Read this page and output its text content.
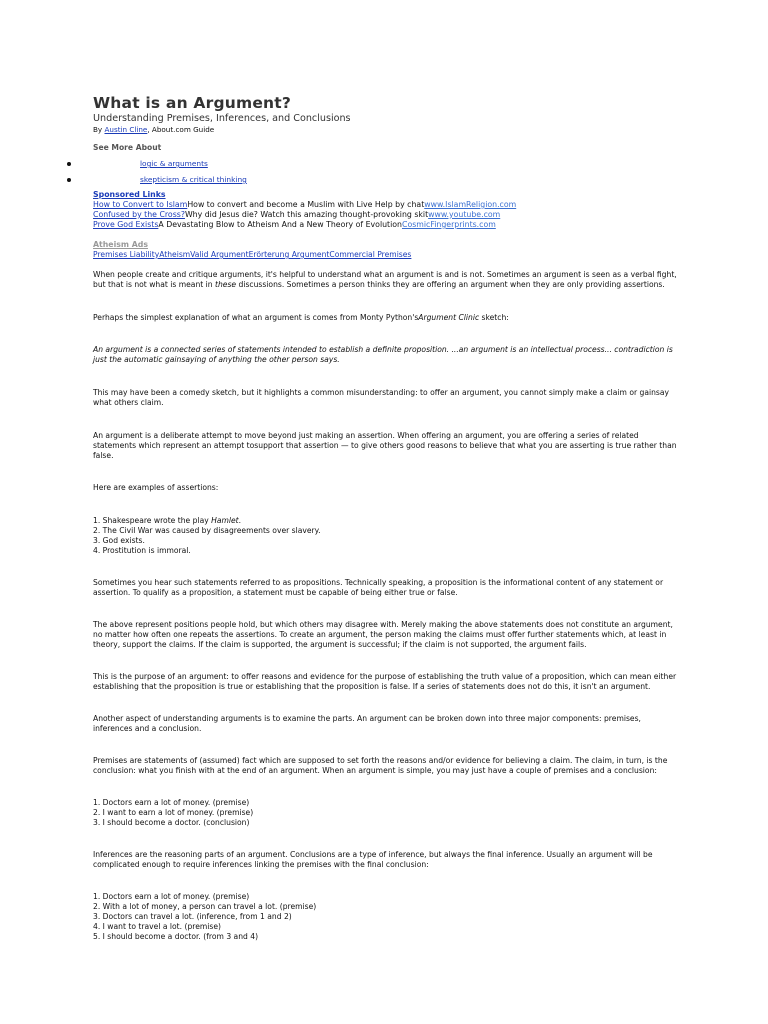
What is an Argument?
Understanding Premises, Inferences, and Conclusions
By Austin Cline, About.com Guide
See More About
logic & arguments
skepticism & critical thinking
Sponsored Links
How to Convert to IslamHow to convert and become a Muslim with Live Help by chatwww.IslamReligion.com
Confused by the Cross?Why did Jesus die? Watch this amazing thought-provoking skitwww.youtube.com
Prove God ExistsA Devastating Blow to Atheism And a New Theory of EvolutionCosmicFingerprints.com
Atheism Ads
Premises LiabilityAtheismValid ArgumentErörterung ArgumentCommercial Premises

When people create and critique arguments, it's helpful to understand what an argument is and is not. Sometimes an argument is seen as a verbal fight, but that is not what is meant in these discussions. Sometimes a person thinks they are offering an argument when they are only providing assertions.

Perhaps the simplest explanation of what an argument is comes from Monty Python'sArgument Clinic sketch:

An argument is a connected series of statements intended to establish a definite proposition. ...an argument is an intellectual process... contradiction is just the automatic gainsaying of anything the other person says.

This may have been a comedy sketch, but it highlights a common misunderstanding: to offer an argument, you cannot simply make a claim or gainsay what others claim.

An argument is a deliberate attempt to move beyond just making an assertion. When offering an argument, you are offering a series of related statements which represent an attempt tosupport that assertion — to give others good reasons to believe that what you are asserting is true rather than false.

Here are examples of assertions:

1. Shakespeare wrote the play Hamlet.

2. The Civil War was caused by disagreements over slavery.

3. God exists.

4. Prostitution is immoral.

Sometimes you hear such statements referred to as propositions. Technically speaking, a proposition is the informational content of any statement or assertion. To qualify as a proposition, a statement must be capable of being either true or false.

The above represent positions people hold, but which others may disagree with. Merely making the above statements does not constitute an argument, no matter how often one repeats the assertions. To create an argument, the person making the claims must offer further statements which, at least in theory, support the claims. If the claim is supported, the argument is successful; if the claim is not supported, the argument fails.

This is the purpose of an argument: to offer reasons and evidence for the purpose of establishing the truth value of a proposition, which can mean either establishing that the proposition is true or establishing that the proposition is false. If a series of statements does not do this, it isn't an argument.

Another aspect of understanding arguments is to examine the parts. An argument can be broken down into three major components: premises, inferences and a conclusion.

Premises are statements of (assumed) fact which are supposed to set forth the reasons and/or evidence for believing a claim. The claim, in turn, is the conclusion: what you finish with at the end of an argument. When an argument is simple, you may just have a couple of premises and a conclusion:

1. Doctors earn a lot of money. (premise)

2. I want to earn a lot of money. (premise)

3. I should become a doctor. (conclusion)

Inferences are the reasoning parts of an argument. Conclusions are a type of inference, but always the final inference. Usually an argument will be complicated enough to require inferences linking the premises with the final conclusion:

1. Doctors earn a lot of money. (premise)

2. With a lot of money, a person can travel a lot. (premise)

3. Doctors can travel a lot. (inference, from 1 and 2)

4. I want to travel a lot. (premise)

5. I should become a doctor. (from 3 and 4)
